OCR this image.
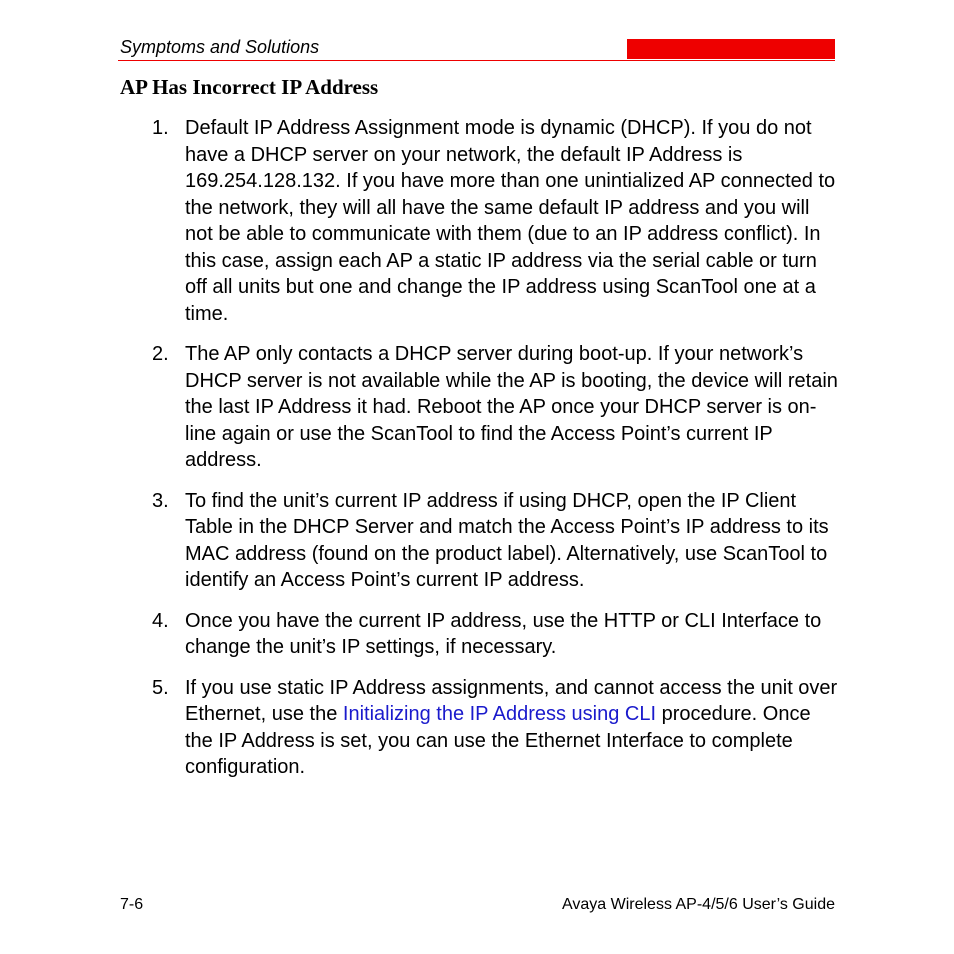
Symptoms and Solutions
AP Has Incorrect IP Address
1. Default IP Address Assignment mode is dynamic (DHCP). If you do not have a DHCP server on your network, the default IP Address is 169.254.128.132. If you have more than one unintialized AP connected to the network, they will all have the same default IP address and you will not be able to communicate with them (due to an IP address conflict). In this case, assign each AP a static IP address via the serial cable or turn off all units but one and change the IP address using ScanTool one at a time.
2. The AP only contacts a DHCP server during boot-up. If your network’s DHCP server is not available while the AP is booting, the device will retain the last IP Address it had. Reboot the AP once your DHCP server is on-line again or use the ScanTool to find the Access Point’s current IP address.
3. To find the unit’s current IP address if using DHCP, open the IP Client Table in the DHCP Server and match the Access Point’s IP address to its MAC address (found on the product label). Alternatively, use ScanTool to identify an Access Point’s current IP address.
4. Once you have the current IP address, use the HTTP or CLI Interface to change the unit’s IP settings, if necessary.
5. If you use static IP Address assignments, and cannot access the unit over Ethernet, use the Initializing the IP Address using CLI procedure. Once the IP Address is set, you can use the Ethernet Interface to complete configuration.
7-6	Avaya Wireless AP-4/5/6 User’s Guide
